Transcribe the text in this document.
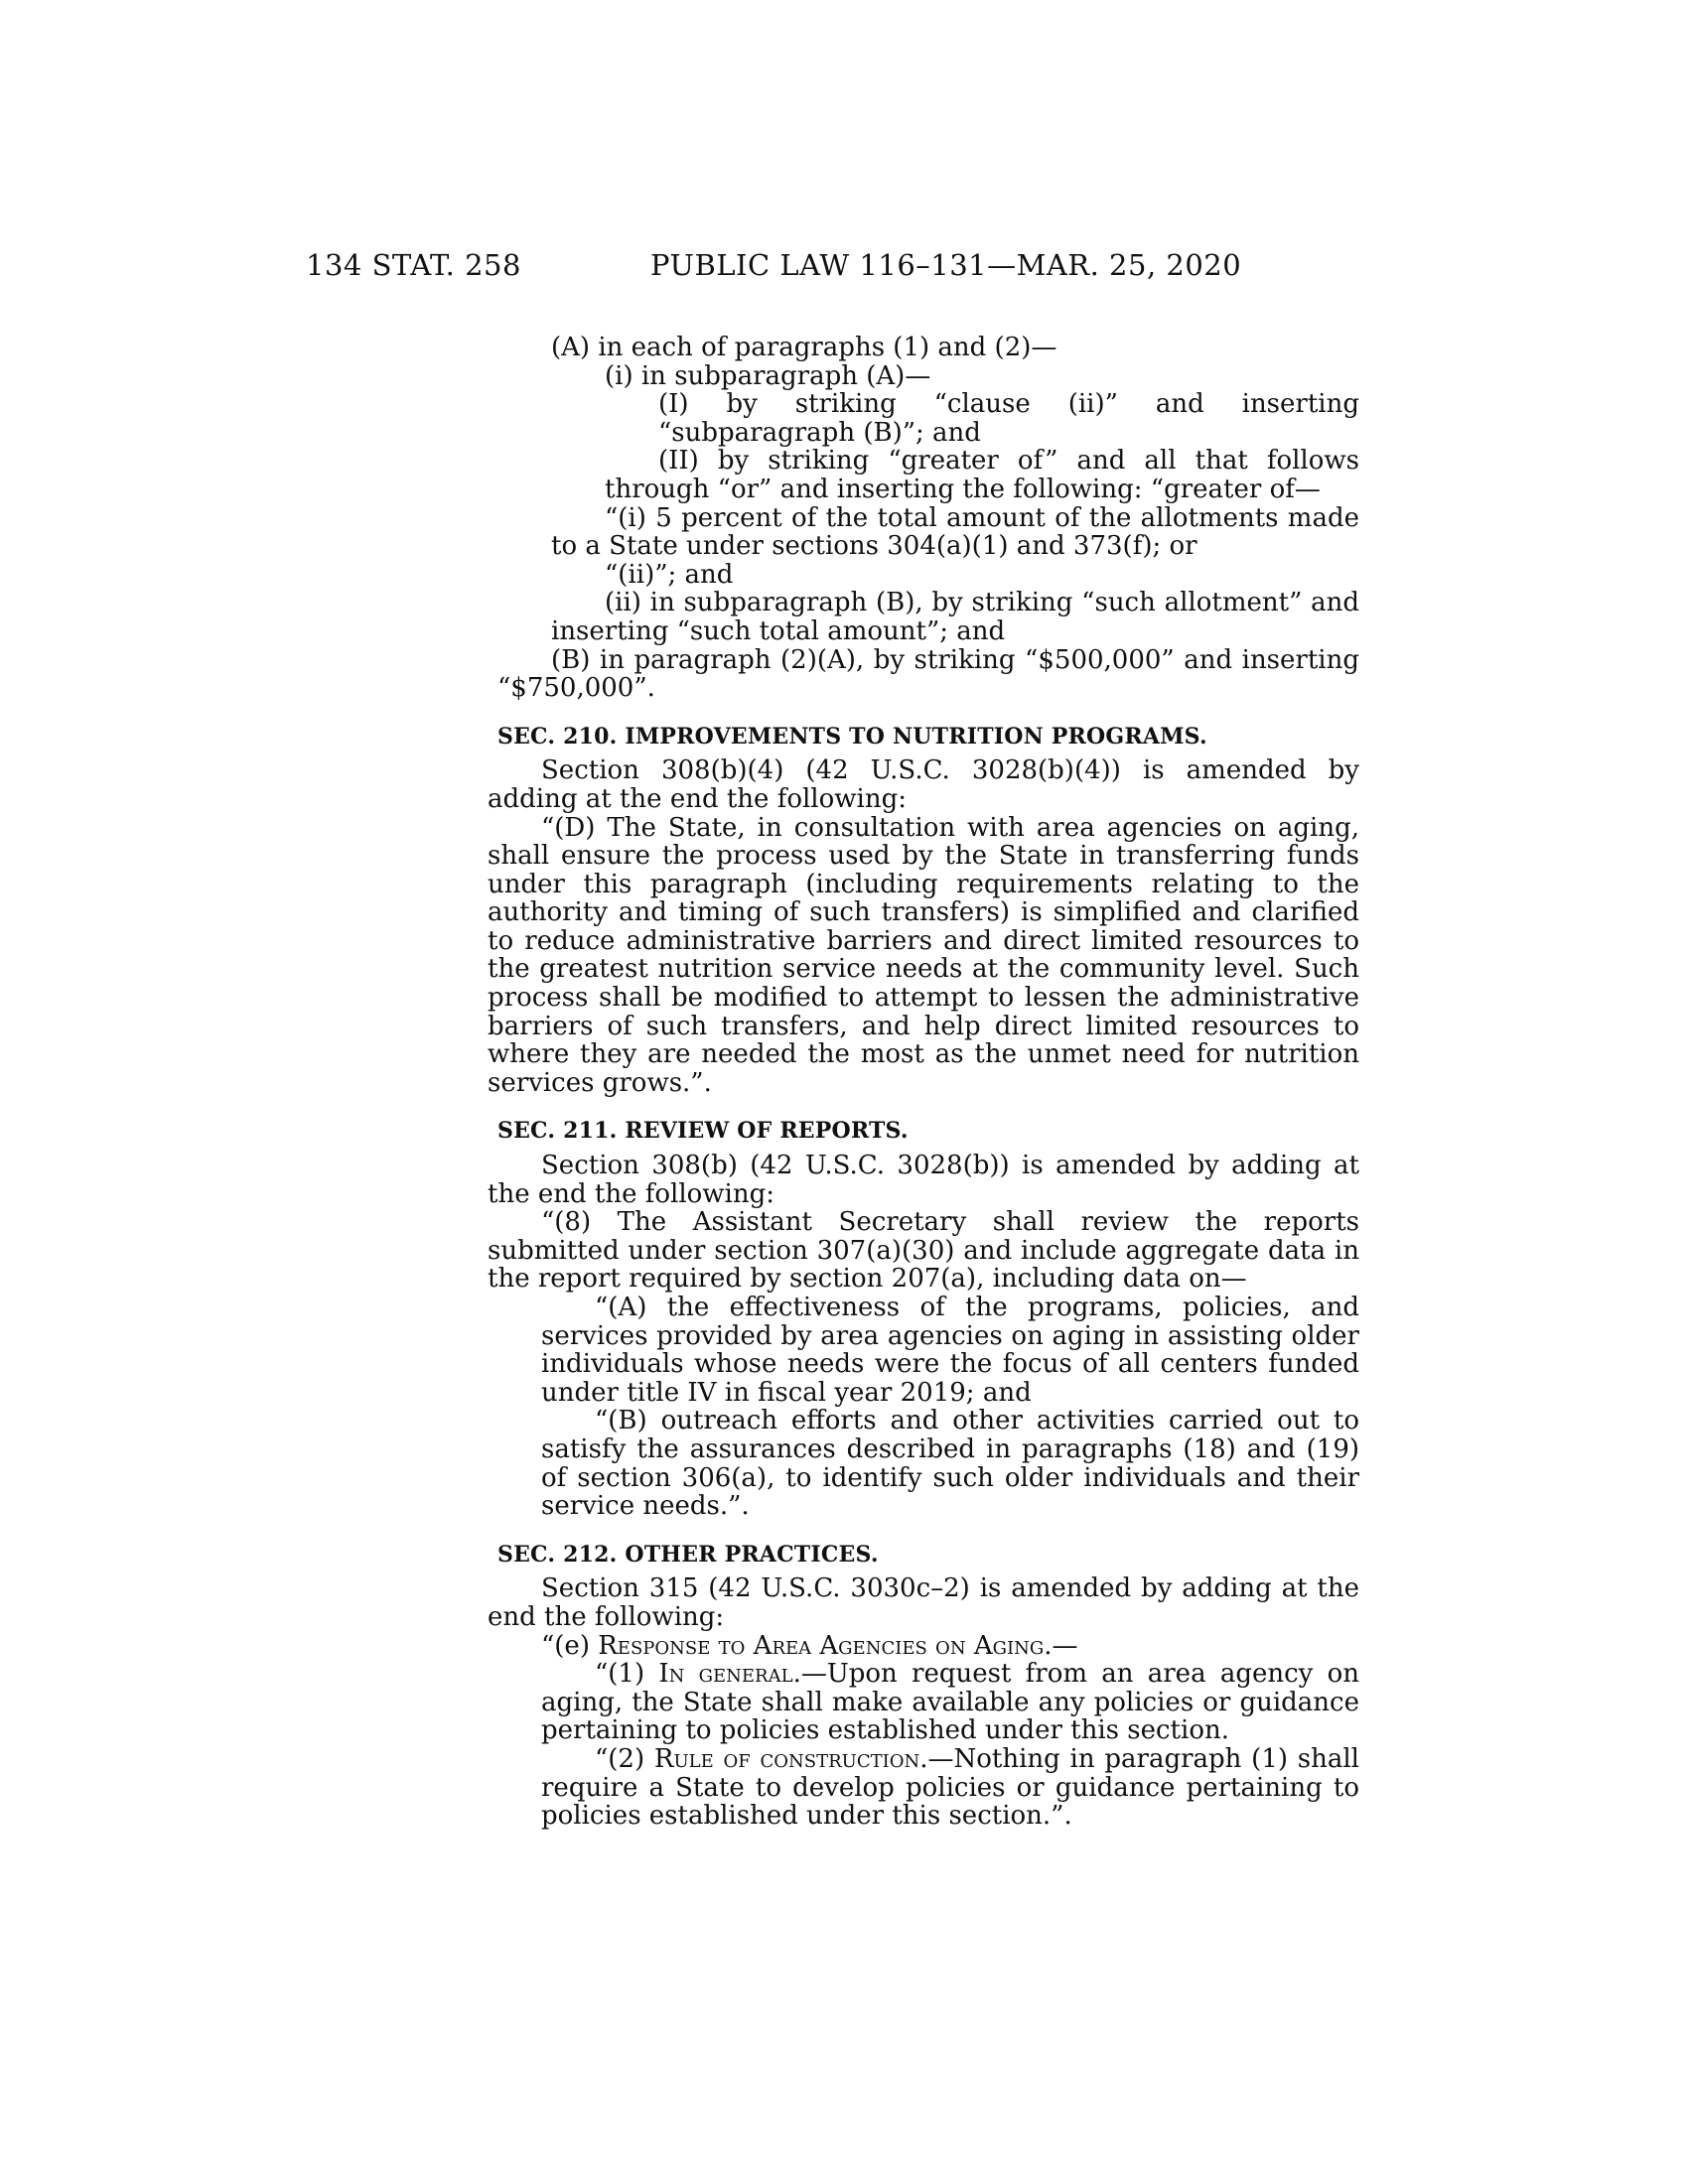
134 STAT. 258	PUBLIC LAW 116–131—MAR. 25, 2020

(A) in each of paragraphs (1) and (2)—

(i) in subparagraph (A)—

(I) by striking “clause (ii)” and inserting “subparagraph (B)”; and

(II) by striking “greater of” and all that follows through “or” and inserting the following: “greater of—

“(i) 5 percent of the total amount of the allotments made to a State under sections 304(a)(1) and 373(f); or

“(ii)”; and

(ii) in subparagraph (B), by striking “such allotment” and inserting “such total amount”; and

(B) in paragraph (2)(A), by striking “$500,000” and inserting “$750,000”.

SEC. 210. IMPROVEMENTS TO NUTRITION PROGRAMS.

Section 308(b)(4) (42 U.S.C. 3028(b)(4)) is amended by adding at the end the following:

“(D) The State, in consultation with area agencies on aging, shall ensure the process used by the State in transferring funds under this paragraph (including requirements relating to the authority and timing of such transfers) is simplified and clarified to reduce administrative barriers and direct limited resources to the greatest nutrition service needs at the community level. Such process shall be modified to attempt to lessen the administrative barriers of such transfers, and help direct limited resources to where they are needed the most as the unmet need for nutrition services grows.”.

SEC. 211. REVIEW OF REPORTS.

Section 308(b) (42 U.S.C. 3028(b)) is amended by adding at the end the following:

“(8) The Assistant Secretary shall review the reports submitted under section 307(a)(30) and include aggregate data in the report required by section 207(a), including data on—

“(A) the effectiveness of the programs, policies, and services provided by area agencies on aging in assisting older individuals whose needs were the focus of all centers funded under title IV in fiscal year 2019; and

“(B) outreach efforts and other activities carried out to satisfy the assurances described in paragraphs (18) and (19) of section 306(a), to identify such older individuals and their service needs.”.

SEC. 212. OTHER PRACTICES.

Section 315 (42 U.S.C. 3030c–2) is amended by adding at the end the following:

“(e) Response to Area Agencies on Aging.—

“(1) In general.—Upon request from an area agency on aging, the State shall make available any policies or guidance pertaining to policies established under this section.

“(2) Rule of construction.—Nothing in paragraph (1) shall require a State to develop policies or guidance pertaining to policies established under this section.”.
